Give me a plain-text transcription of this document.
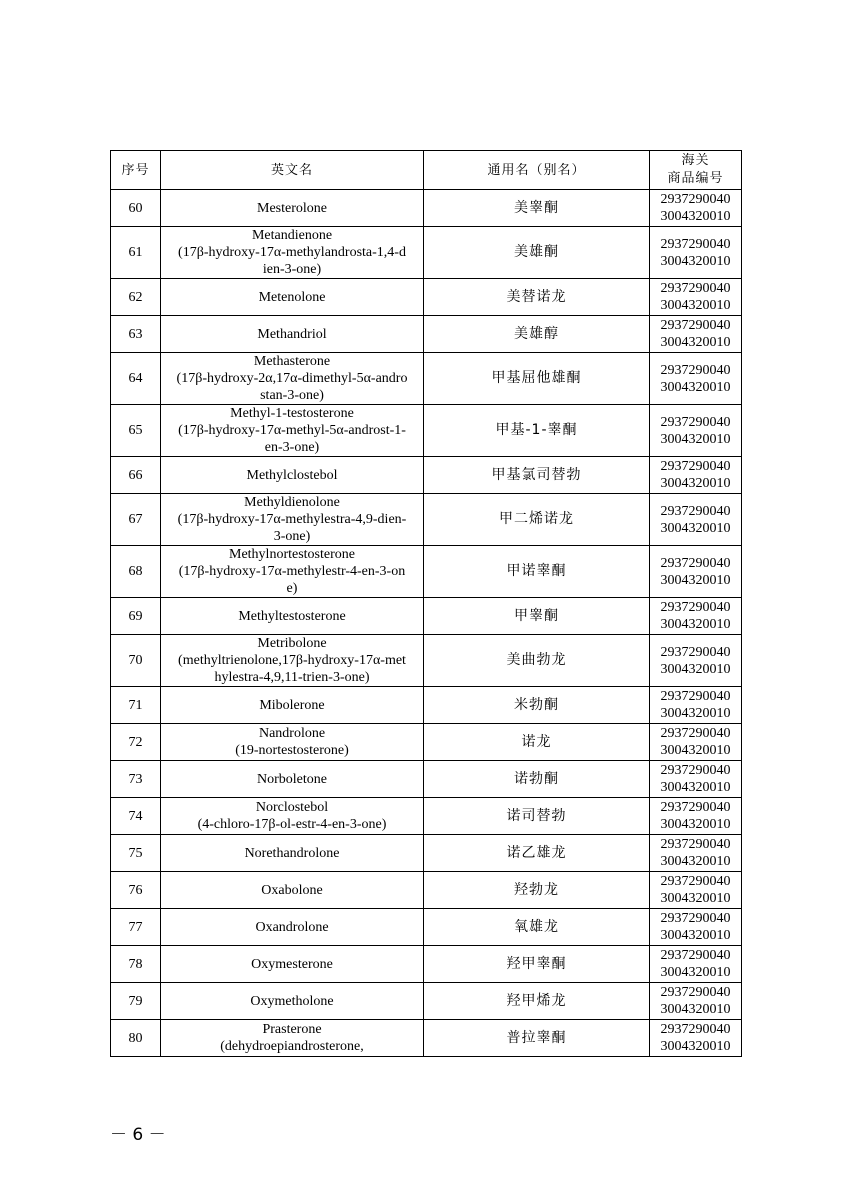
序号	英文名	通用名（别名）	海关
商品编号
60	Mesterolone	美睾酮	2937290040
3004320010
61	Metandienone
(17β-hydroxy-17α-methylandrosta-1,4-d
ien-3-one)	美雄酮	2937290040
3004320010
62	Metenolone	美替诺龙	2937290040
3004320010
63	Methandriol	美雄醇	2937290040
3004320010
64	Methasterone
(17β-hydroxy-2α,17α-dimethyl-5α-andro
stan-3-one)	甲基屈他雄酮	2937290040
3004320010
65	Methyl-1-testosterone
(17β-hydroxy-17α-methyl-5α-androst-1-
en-3-one)	甲基-1-睾酮	2937290040
3004320010
66	Methylclostebol	甲基氯司替勃	2937290040
3004320010
67	Methyldienolone
(17β-hydroxy-17α-methylestra-4,9-dien-
3-one)	甲二烯诺龙	2937290040
3004320010
68	Methylnortestosterone
(17β-hydroxy-17α-methylestr-4-en-3-on
e)	甲诺睾酮	2937290040
3004320010
69	Methyltestosterone	甲睾酮	2937290040
3004320010
70	Metribolone
(methyltrienolone,17β-hydroxy-17α-met
hylestra-4,9,11-trien-3-one)	美曲勃龙	2937290040
3004320010
71	Mibolerone	米勃酮	2937290040
3004320010
72	Nandrolone
(19-nortestosterone)	诺龙	2937290040
3004320010
73	Norboletone	诺勃酮	2937290040
3004320010
74	Norclostebol
(4-chloro-17β-ol-estr-4-en-3-one)	诺司替勃	2937290040
3004320010
75	Norethandrolone	诺乙雄龙	2937290040
3004320010
76	Oxabolone	羟勃龙	2937290040
3004320010
77	Oxandrolone	氧雄龙	2937290040
3004320010
78	Oxymesterone	羟甲睾酮	2937290040
3004320010
79	Oxymetholone	羟甲烯龙	2937290040
3004320010
80	Prasterone
(dehydroepiandrosterone,	普拉睾酮	2937290040
3004320010
－ 6 －
